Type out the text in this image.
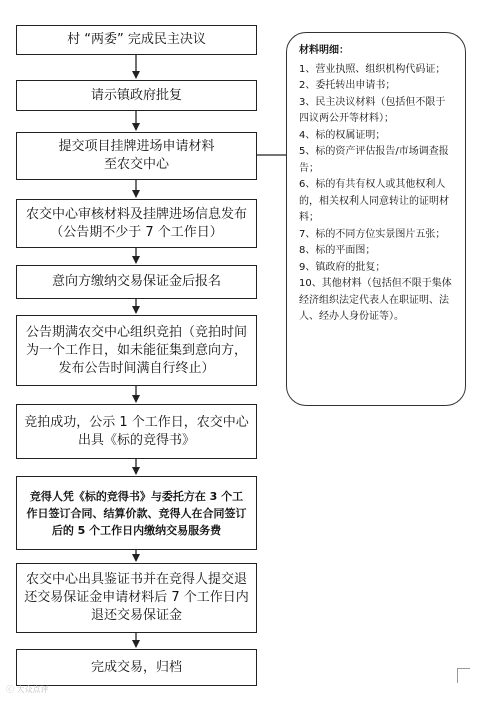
村 “两委” 完成民主决议
请示镇政府批复
提交项目挂牌进场申请材料
至农交中心
农交中心审核材料及挂牌进场信息发布（公告期不少于 7 个工作日）
意向方缴纳交易保证金后报名
公告期满农交中心组织竞拍（竞拍时间为一个工作日，如未能征集到意向方，发布公告时间满自行终止）
竞拍成功，公示 1 个工作日，农交中心出具《标的竞得书》
竞得人凭《标的竞得书》与委托方在 3 个工作日签订合同、结算价款、竞得人在合同签订后的 5 个工作日内缴纳交易服务费
农交中心出具鉴证书并在竞得人提交退还交易保证金申请材料后 7 个工作日内退还交易保证金
完成交易，归档
材料明细：
1、营业执照、组织机构代码证；
2、委托转出申请书；
3、民主决议材料（包括但不限于四议两公开等材料）；
4、标的权属证明；
5、标的资产评估报告/市场调查报告；
6、标的有共有权人或其他权利人的，相关权利人同意转让的证明材料；
7、标的不同方位实景图片五张；
8、标的平面图；
9、镇政府的批复；
10、其他材料（包括但不限于集体经济组织法定代表人在职证明、法人、经办人身份证等）。
ⓒ 大众点评
